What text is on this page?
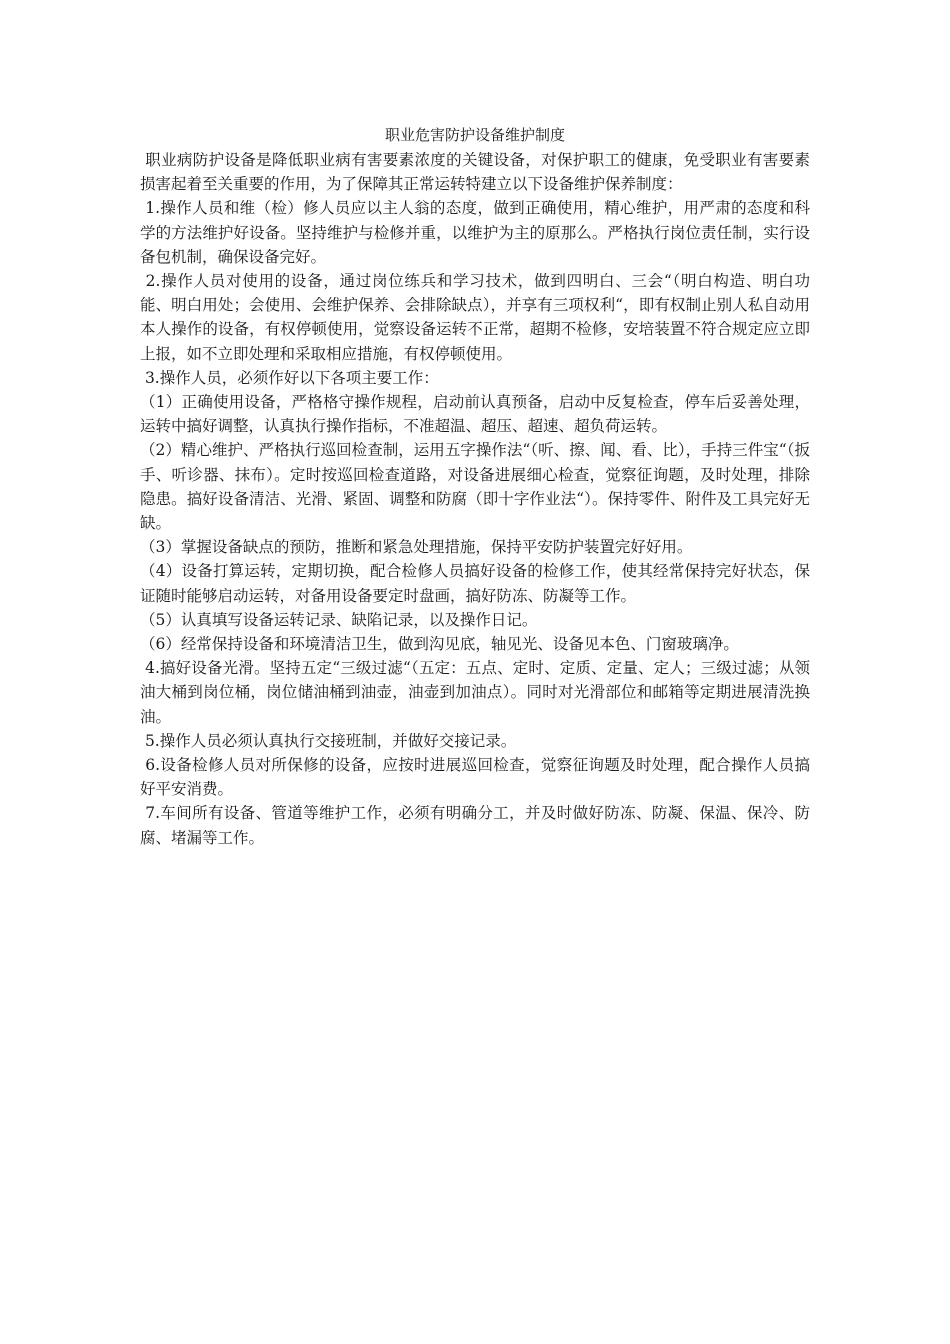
职业危害防护设备维护制度

职业病防护设备是降低职业病有害要素浓度的关键设备，对保护职工的健康，免受职业有害要素损害起着至关重要的作用，为了保障其正常运转特建立以下设备维护保养制度：

1.操作人员和维（检）修人员应以主人翁的态度，做到正确使用，精心维护，用严肃的态度和科学的方法维护好设备。坚持维护与检修并重，以维护为主的原那么。严格执行岗位责任制，实行设备包机制，确保设备完好。

2.操作人员对使用的设备，通过岗位练兵和学习技术，做到四明白、三会“（明白构造、明白功能、明白用处；会使用、会维护保养、会排除缺点），并享有三项权利“，即有权制止别人私自动用本人操作的设备，有权停顿使用，觉察设备运转不正常，超期不检修，安培装置不符合规定应立即上报，如不立即处理和采取相应措施，有权停顿使用。

3.操作人员，必须作好以下各项主要工作：

（1）正确使用设备，严格格守操作规程，启动前认真预备，启动中反复检查，停车后妥善处理，运转中搞好调整，认真执行操作指标，不准超温、超压、超速、超负荷运转。

（2）精心维护、严格执行巡回检查制，运用五字操作法“（听、擦、闻、看、比），手持三件宝“（扳手、听诊器、抹布）。定时按巡回检查道路，对设备进展细心检查，觉察征询题，及时处理，排除隐患。搞好设备清洁、光滑、紧固、调整和防腐（即十字作业法“）。保持零件、附件及工具完好无缺。

（3）掌握设备缺点的预防，推断和紧急处理措施，保持平安防护装置完好好用。

（4）设备打算运转，定期切换，配合检修人员搞好设备的检修工作，使其经常保持完好状态，保证随时能够启动运转，对备用设备要定时盘画，搞好防冻、防凝等工作。

（5）认真填写设备运转记录、缺陷记录，以及操作日记。

（6）经常保持设备和环境清洁卫生，做到沟见底，轴见光、设备见本色、门窗玻璃净。

4.搞好设备光滑。坚持五定“三级过滤“（五定：五点、定时、定质、定量、定人；三级过滤；从领油大桶到岗位桶，岗位储油桶到油壶，油壶到加油点）。同时对光滑部位和邮箱等定期进展清洗换油。

5.操作人员必须认真执行交接班制，并做好交接记录。

6.设备检修人员对所保修的设备，应按时进展巡回检查，觉察征询题及时处理，配合操作人员搞好平安消费。

7.车间所有设备、管道等维护工作，必须有明确分工，并及时做好防冻、防凝、保温、保冷、防腐、堵漏等工作。
